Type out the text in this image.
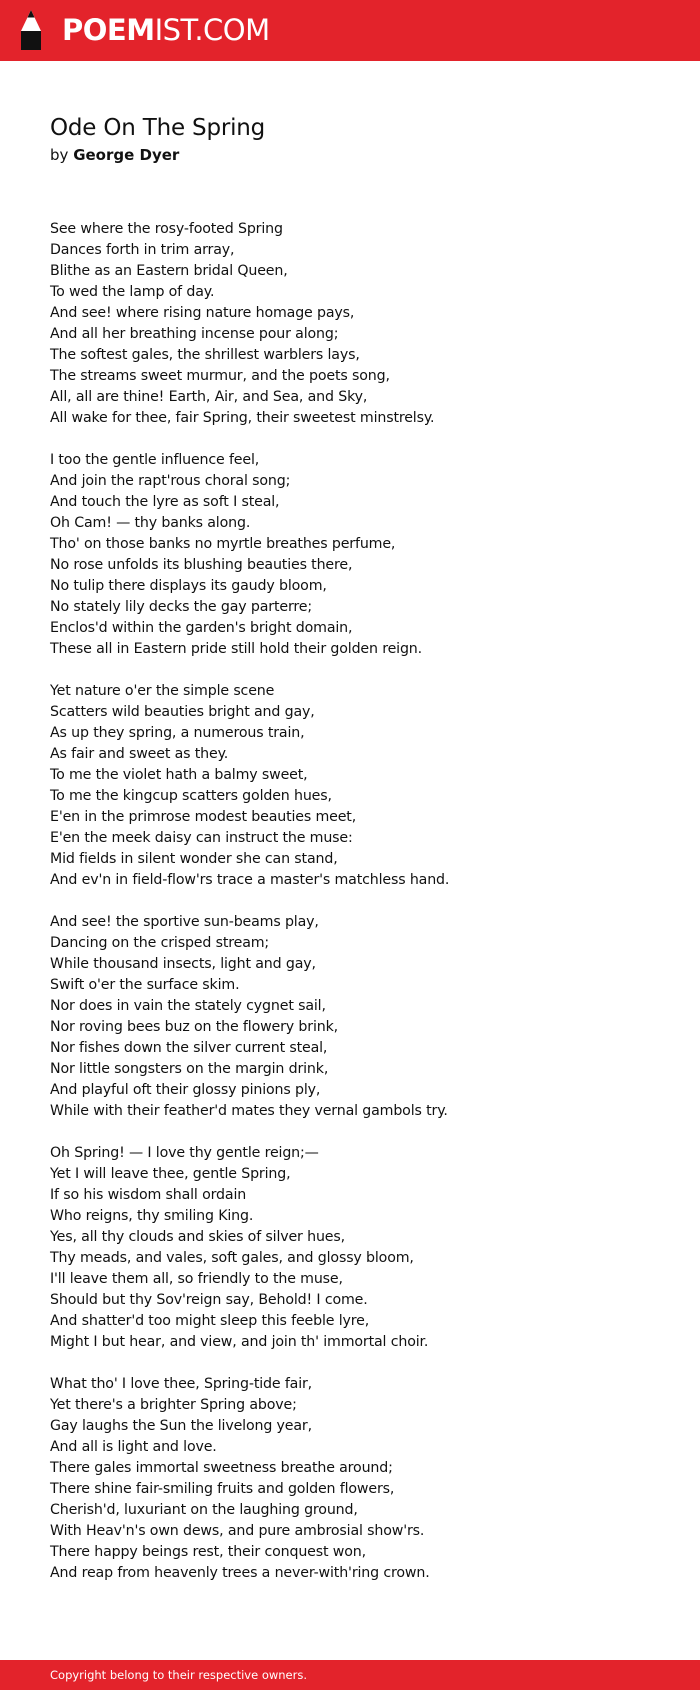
POEMIST.COM
Ode On The Spring

by George Dyer

See where the rosy-footed Spring
Dances forth in trim array,
Blithe as an Eastern bridal Queen,
To wed the lamp of day.
And see! where rising nature homage pays,
And all her breathing incense pour along;
The softest gales, the shrillest warblers lays,
The streams sweet murmur, and the poets song,
All, all are thine! Earth, Air, and Sea, and Sky,
All wake for thee, fair Spring, their sweetest minstrelsy.
I too the gentle influence feel,
And join the rapt'rous choral song;
And touch the lyre as soft I steal,
Oh Cam! — thy banks along.
Tho' on those banks no myrtle breathes perfume,
No rose unfolds its blushing beauties there,
No tulip there displays its gaudy bloom,
No stately lily decks the gay parterre;
Enclos'd within the garden's bright domain,
These all in Eastern pride still hold their golden reign.
Yet nature o'er the simple scene
Scatters wild beauties bright and gay,
As up they spring, a numerous train,
As fair and sweet as they.
To me the violet hath a balmy sweet,
To me the kingcup scatters golden hues,
E'en in the primrose modest beauties meet,
E'en the meek daisy can instruct the muse:
Mid fields in silent wonder she can stand,
And ev'n in field-flow'rs trace a master's matchless hand.
And see! the sportive sun-beams play,
Dancing on the crisped stream;
While thousand insects, light and gay,
Swift o'er the surface skim.
Nor does in vain the stately cygnet sail,
Nor roving bees buz on the flowery brink,
Nor fishes down the silver current steal,
Nor little songsters on the margin drink,
And playful oft their glossy pinions ply,
While with their feather'd mates they vernal gambols try.
Oh Spring! — I love thy gentle reign;—
Yet I will leave thee, gentle Spring,
If so his wisdom shall ordain
Who reigns, thy smiling King.
Yes, all thy clouds and skies of silver hues,
Thy meads, and vales, soft gales, and glossy bloom,
I'll leave them all, so friendly to the muse,
Should but thy Sov'reign say, Behold! I come.
And shatter'd too might sleep this feeble lyre,
Might I but hear, and view, and join th' immortal choir.
What tho' I love thee, Spring-tide fair,
Yet there's a brighter Spring above;
Gay laughs the Sun the livelong year,
And all is light and love.
There gales immortal sweetness breathe around;
There shine fair-smiling fruits and golden flowers,
Cherish'd, luxuriant on the laughing ground,
With Heav'n's own dews, and pure ambrosial show'rs.
There happy beings rest, their conquest won,
And reap from heavenly trees a never-with'ring crown.
Copyright belong to their respective owners.
